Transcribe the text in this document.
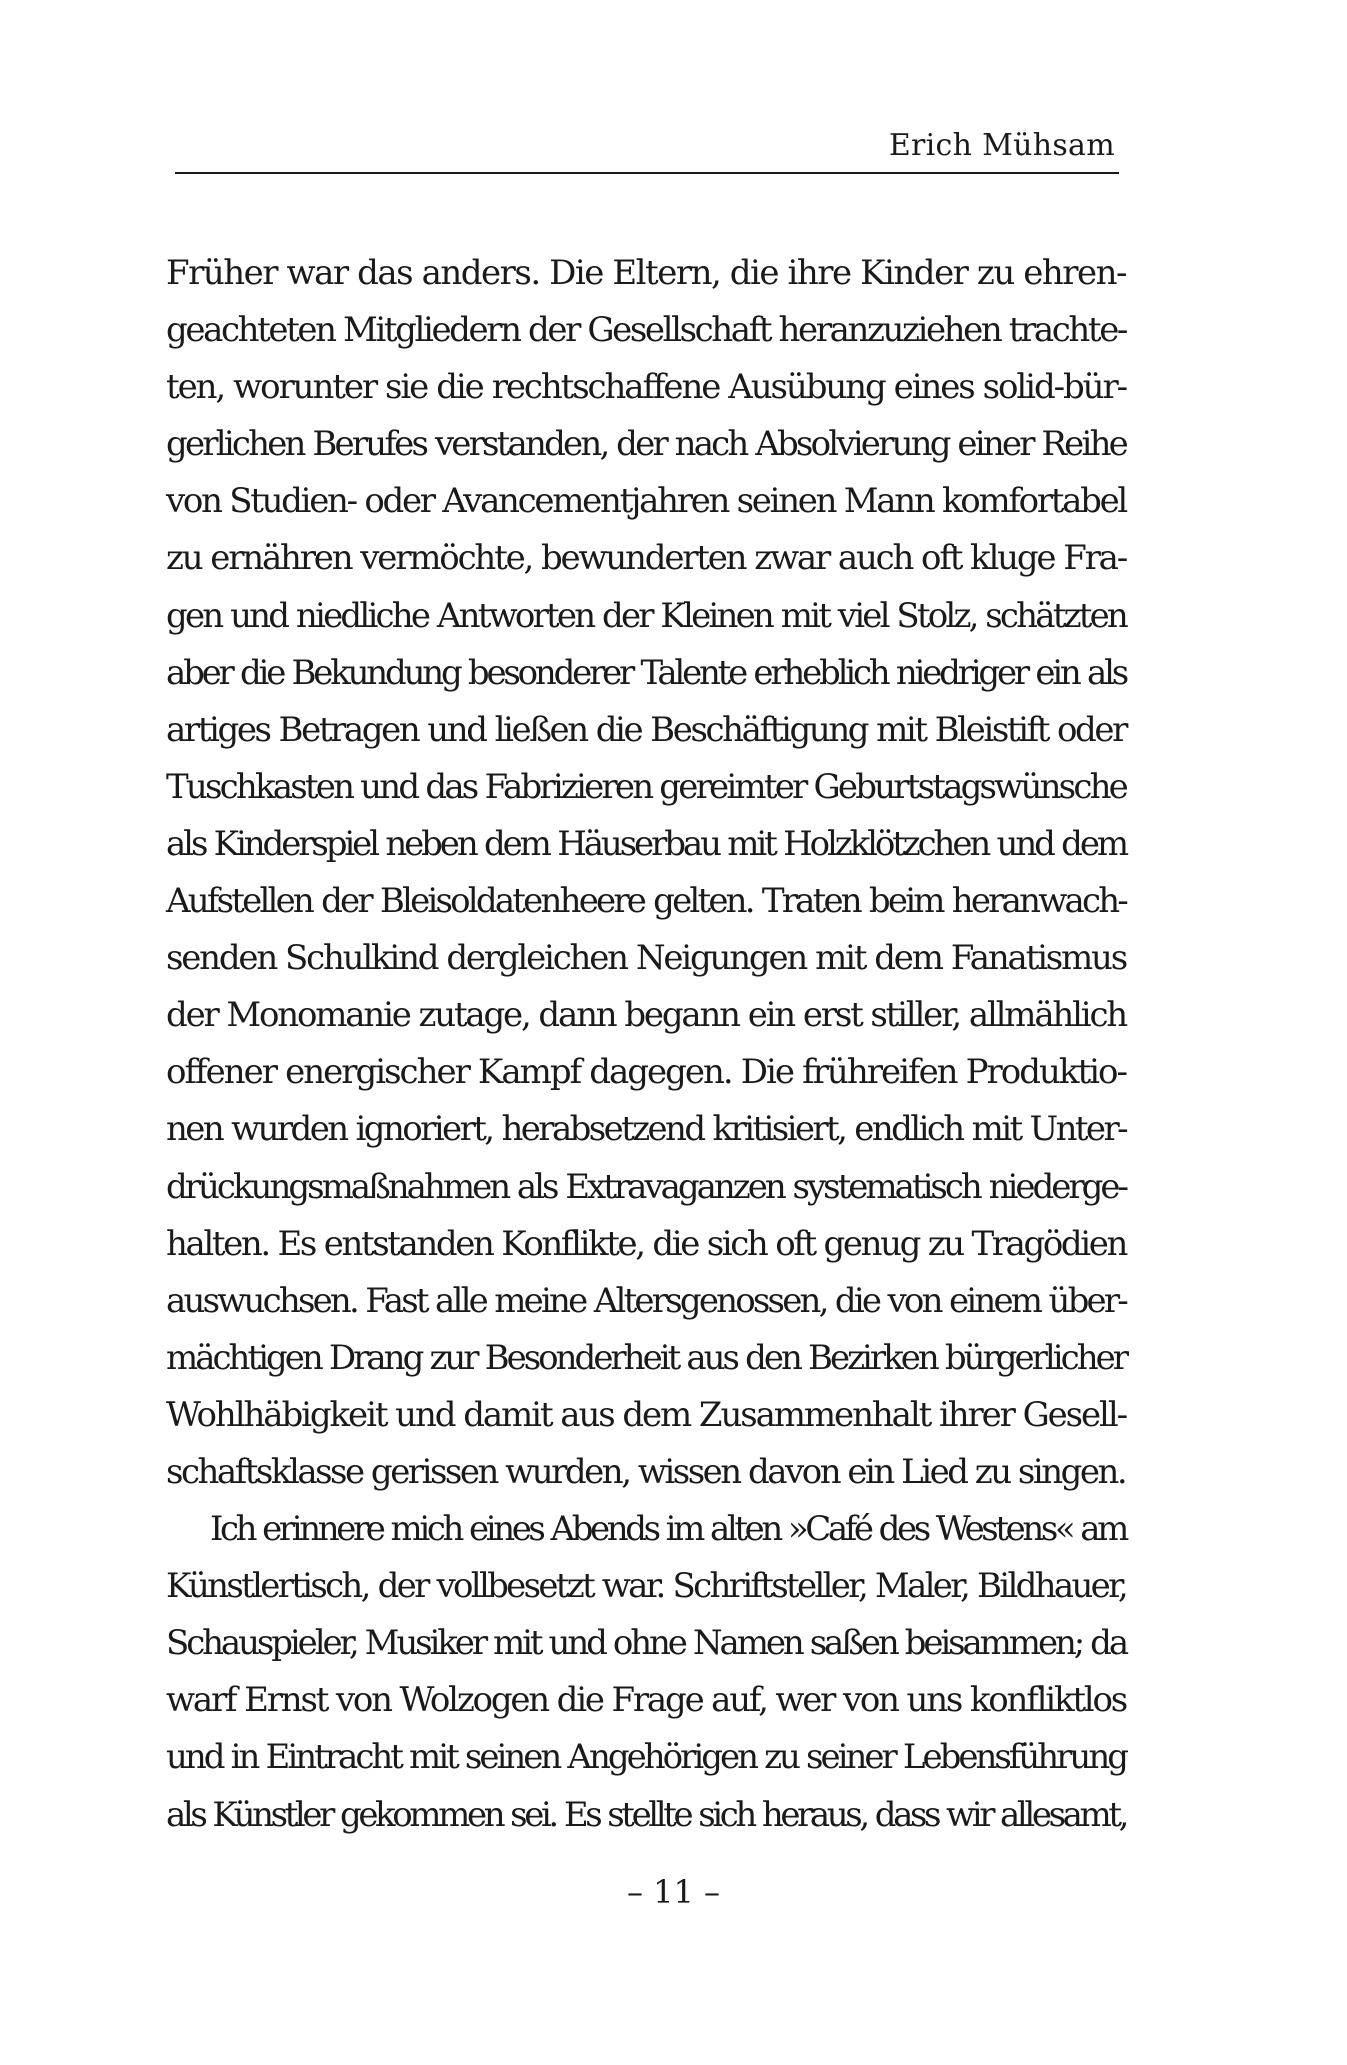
Erich Mühsam
Früher war das anders. Die Eltern, die ihre Kinder zu ehren-
geachteten Mitgliedern der Gesellschaft heranzuziehen trachte-
ten, worunter sie die rechtschaffene Ausübung eines solid-bür-
gerlichen Berufes verstanden, der nach Absolvierung einer Reihe
von Studien- oder Avancementjahren seinen Mann komfortabel
zu ernähren vermöchte, bewunderten zwar auch oft kluge Fra-
gen und niedliche Antworten der Kleinen mit viel Stolz, schätzten
aber die Bekundung besonderer Talente erheblich niedriger ein als
artiges Betragen und ließen die Beschäftigung mit Bleistift oder
Tuschkasten und das Fabrizieren gereimter Geburtstagswünsche
als Kinderspiel neben dem Häuserbau mit Holzklötzchen und dem
Aufstellen der Bleisoldatenheere gelten. Traten beim heranwach-
senden Schulkind dergleichen Neigungen mit dem Fanatismus
der Monomanie zutage, dann begann ein erst stiller, allmählich
offener energischer Kampf dagegen. Die frühreifen Produktio-
nen wurden ignoriert, herabsetzend kritisiert, endlich mit Unter-
drückungsmaßnahmen als Extravaganzen systematisch niederge-
halten. Es entstanden Konflikte, die sich oft genug zu Tragödien
auswuchsen. Fast alle meine Altersgenossen, die von einem über-
mächtigen Drang zur Besonderheit aus den Bezirken bürgerlicher
Wohlhäbigkeit und damit aus dem Zusammenhalt ihrer Gesell-
schaftsklasse gerissen wurden, wissen davon ein Lied zu singen.
Ich erinnere mich eines Abends im alten »Café des Westens« am
Künstlertisch, der vollbesetzt war. Schriftsteller, Maler, Bildhauer,
Schauspieler, Musiker mit und ohne Namen saßen beisammen; da
warf Ernst von Wolzogen die Frage auf, wer von uns konfliktlos
und in Eintracht mit seinen Angehörigen zu seiner Lebensführung
als Künstler gekommen sei. Es stellte sich heraus, dass wir allesamt,
– 11 –
